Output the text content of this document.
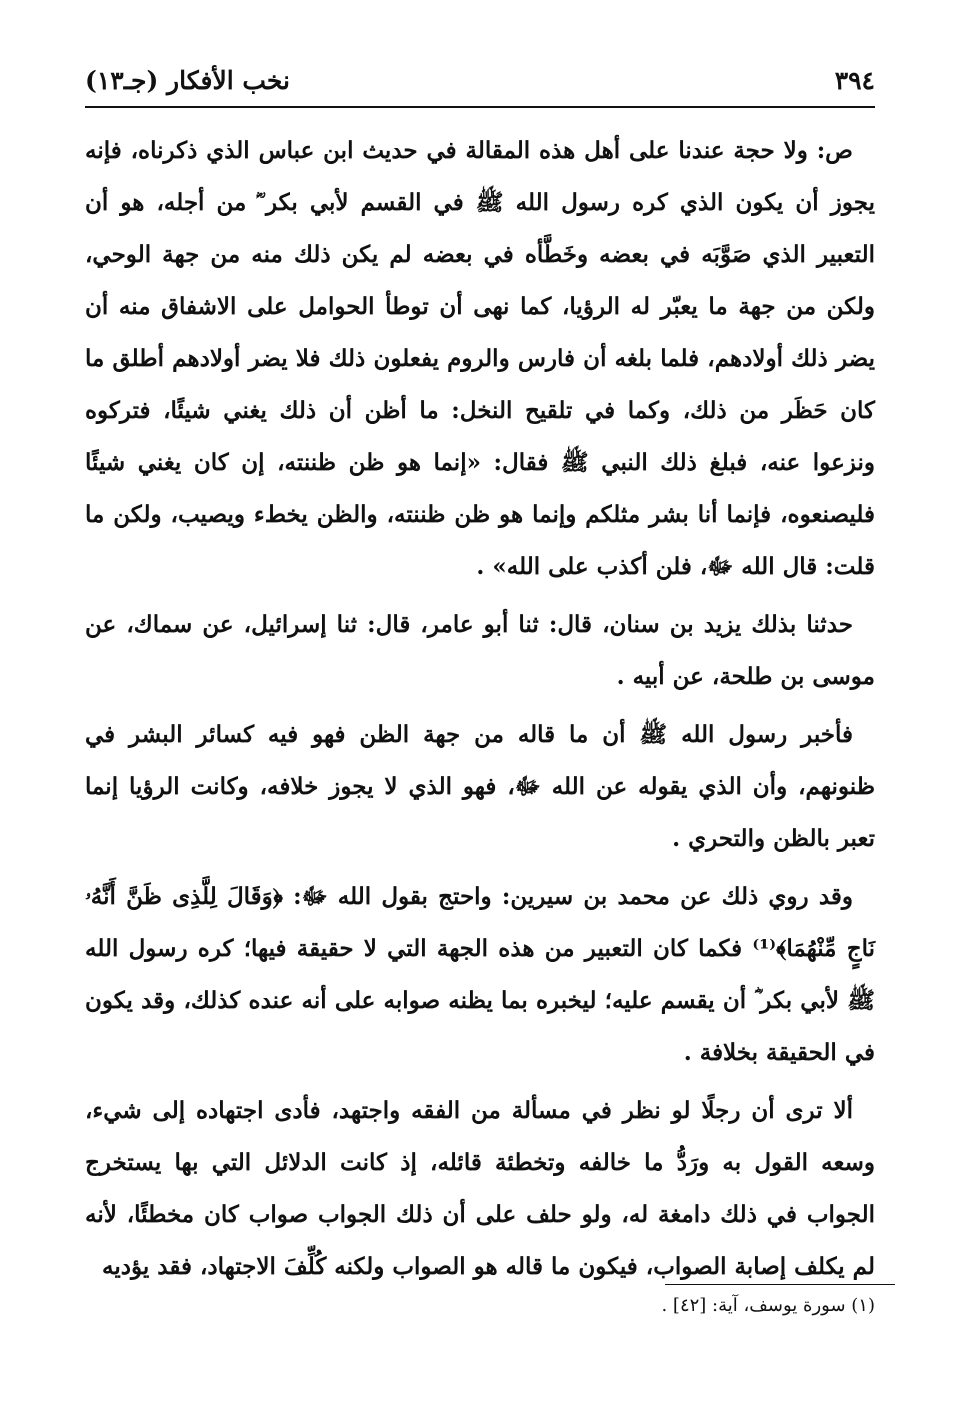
٣٩٤
نخب الأفكار (جـ١٣)

ص: ولا حجة عندنا على أهل هذه المقالة في حديث ابن عباس الذي ذكرناه، فإنه يجوز أن يكون الذي كره رسول الله ﷺ في القسم لأبي بكر ؓ من أجله، هو أن التعبير الذي صَوَّبَه في بعضه وخَطَّأه في بعضه لم يكن ذلك منه من جهة الوحي، ولكن من جهة ما يعبّر له الرؤيا، كما نهى أن توطأ الحوامل على الاشفاق منه أن يضر ذلك أولادهم، فلما بلغه أن فارس والروم يفعلون ذلك فلا يضر أولادهم أطلق ما كان حَظَر من ذلك، وكما في تلقيح النخل: ما أظن أن ذلك يغني شيئًا، فتركوه ونزعوا عنه، فبلغ ذلك النبي ﷺ فقال: «إنما هو ظن ظننته، إن كان يغني شيئًا فليصنعوه، فإنما أنا بشر مثلكم وإنما هو ظن ظننته، والظن يخطء ويصيب، ولكن ما قلت: قال الله ﷻ، فلن أكذب على الله» .

حدثنا بذلك يزيد بن سنان، قال: ثنا أبو عامر، قال: ثنا إسرائيل، عن سماك، عن موسى بن طلحة، عن أبيه .

فأخبر رسول الله ﷺ أن ما قاله من جهة الظن فهو فيه كسائر البشر في ظنونهم، وأن الذي يقوله عن الله ﷻ، فهو الذي لا يجوز خلافه، وكانت الرؤيا إنما تعبر بالظن والتحري .

وقد روي ذلك عن محمد بن سيرين: واحتج بقول الله ﷻ: ﴿وَقَالَ لِلَّذِى ظَنَّ أَنَّهُۥ نَاجٍ مِّنْهُمَا﴾⁽¹⁾ فكما كان التعبير من هذه الجهة التي لا حقيقة فيها؛ كره رسول الله ﷺ لأبي بكر ؓ أن يقسم عليه؛ ليخبره بما يظنه صوابه على أنه عنده كذلك، وقد يكون في الحقيقة بخلافة .

ألا ترى أن رجلًا لو نظر في مسألة من الفقه واجتهد، فأدى اجتهاده إلى شيء، وسعه القول به ورَدُّ ما خالفه وتخطئة قائله، إذ كانت الدلائل التي بها يستخرج الجواب في ذلك دامغة له، ولو حلف على أن ذلك الجواب صواب كان مخطئًا، لأنه لم يكلف إصابة الصواب، فيكون ما قاله هو الصواب ولكنه كُلِّفَ الاجتهاد، فقد يؤديه

(١) سورة يوسف، آية: [٤٢] .
